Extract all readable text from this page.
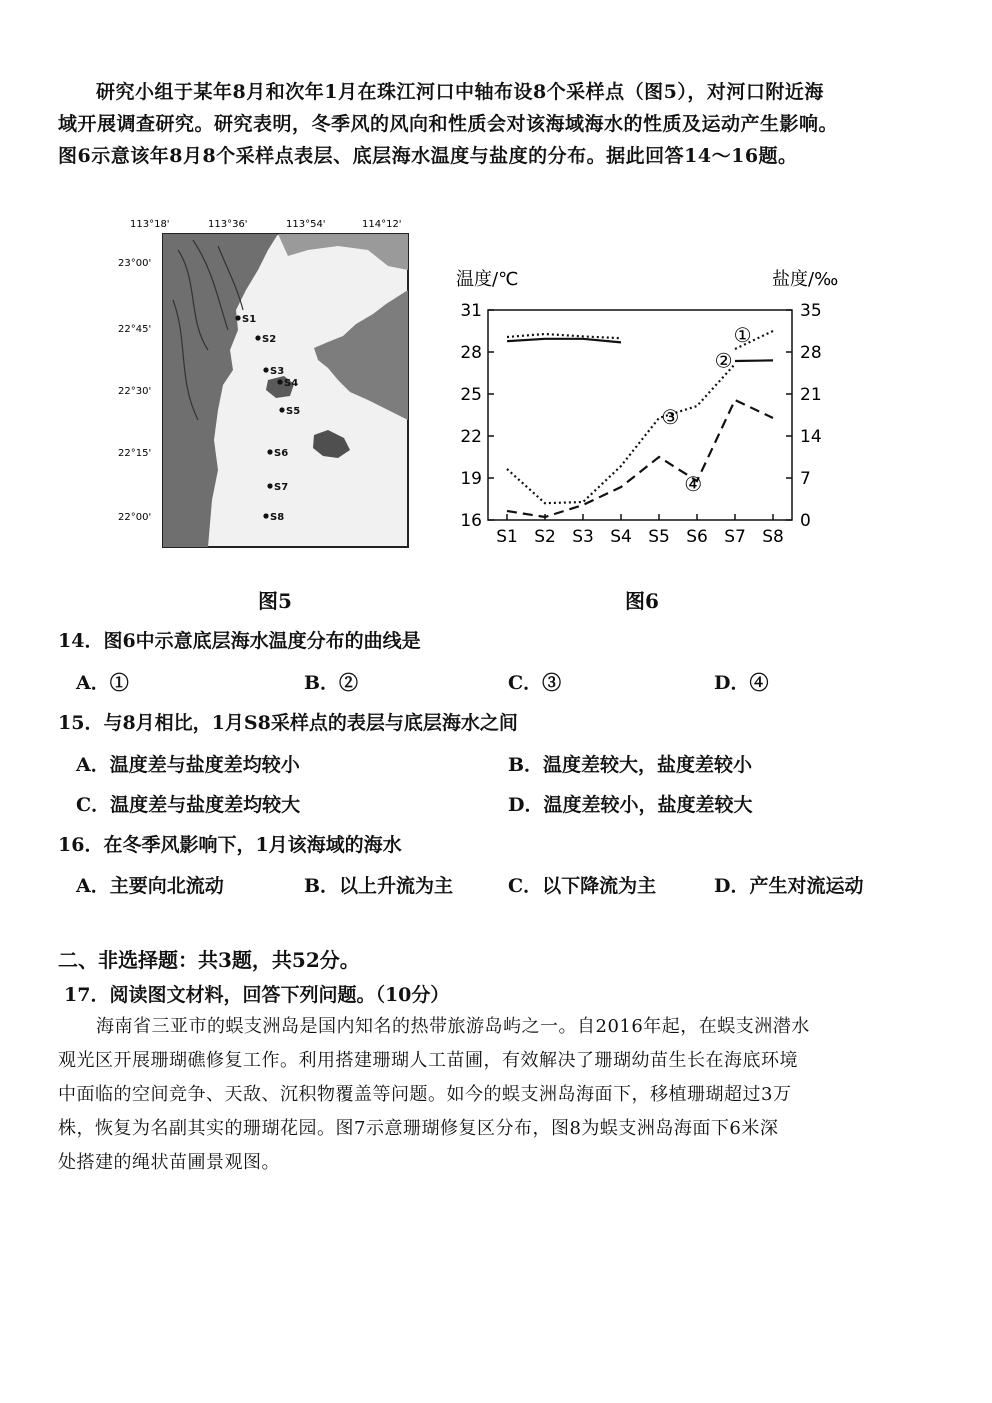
研究小组于某年8月和次年1月在珠江河口中轴布设8个采样点（图5），对河口附近海

域开展调查研究。研究表明，冬季风的风向和性质会对该海域海水的性质及运动产生影响。

图6示意该年8月8个采样点表层、底层海水温度与盐度的分布。据此回答14～16题。

113°18'	113°36'	113°54'	114°12'
23°00'
22°45'
22°30'
22°15'
22°00'
S1
S2
S3
S4
S5
S6
S7
S8
图5
温度/℃	盐度/‰
31
28
25
22
19
16
35
28
21
14
7
0
S1 S2 S3 S4 S5 S6 S7 S8
①
②
③
④
图6
14．图6中示意底层海水温度分布的曲线是
A．①	B．②	C．③	D．④
15．与8月相比，1月S8采样点的表层与底层海水之间
A．温度差与盐度差均较小	B．温度差较大，盐度差较小
C．温度差与盐度差均较大	D．温度差较小，盐度差较大
16．在冬季风影响下，1月该海域的海水
A．主要向北流动	B．以上升流为主	C．以下降流为主	D．产生对流运动
二、非选择题：共3题，共52分。
17．阅读图文材料，回答下列问题。（10分）

海南省三亚市的蜈支洲岛是国内知名的热带旅游岛屿之一。自2016年起，在蜈支洲潜水

观光区开展珊瑚礁修复工作。利用搭建珊瑚人工苗圃，有效解决了珊瑚幼苗生长在海底环境

中面临的空间竞争、天敌、沉积物覆盖等问题。如今的蜈支洲岛海面下，移植珊瑚超过3万

株，恢复为名副其实的珊瑚花园。图7示意珊瑚修复区分布，图8为蜈支洲岛海面下6米深

处搭建的绳状苗圃景观图。
